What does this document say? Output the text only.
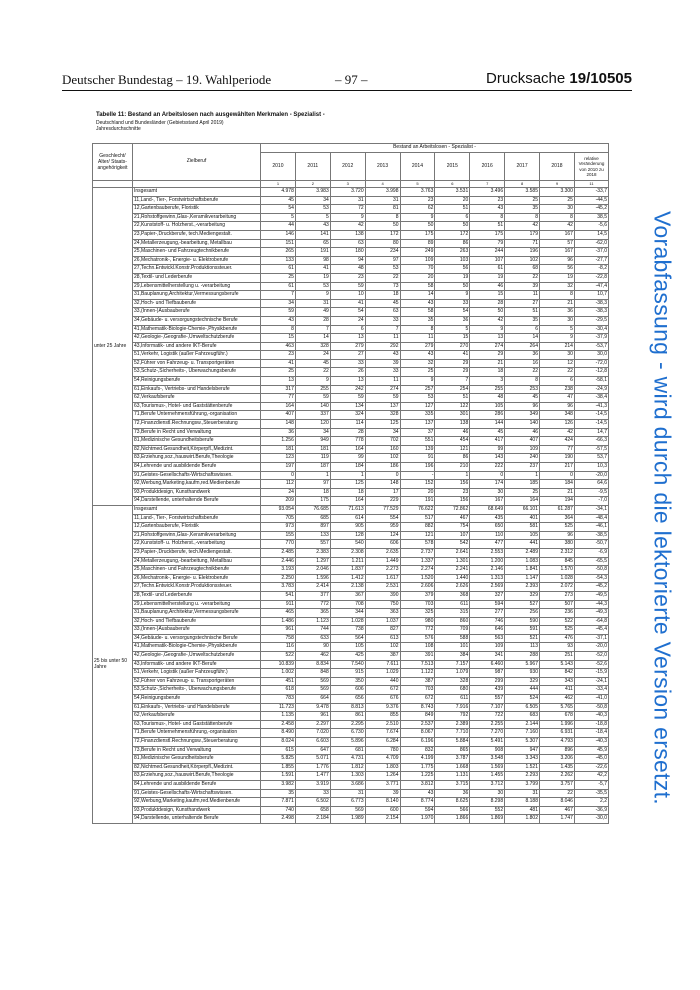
Deutscher Bundestag – 19. Wahlperiode	– 97 –	Drucksache 19/10505
Tabelle 11: Bestand an Arbeitslosen nach ausgewählten Merkmalen - Spezialist -
Deutschland und Bundesländer (Gebietsstand April 2019)
Jahresdurchschnitte
Geschlecht/ Alter/ Staats- angehörigkeit	Zielberuf	Bestand an Arbeitslosen - Spezialist -									
		2010	2011	2012	2013	2014	2015	2016	2017	2018	relative Veränderung von 2010 zu 2018
		1	2	3	4	5	6	7	8	9	11
unter 25 Jahre	Insgesamt	4.978	3.983	3.720	3.998	3.763	3.531	3.496	3.585	3.300	-33,7
	11,Land-, Tier-, Forstwirtschaftsberufe	45	34	31	31	23	20	23	25	25	-44,5
	12,Gartenbauberufe, Floristik	54	53	72	81	62	51	43	35	30	-45,2
	21,Rohstoffgewinn,Glas-,Keramikverarbeitung	5	5	9	8	9	6	8	8	8	38,5
	22,Kunststoff- u. Holzherst.,-verarbeitung	44	43	42	50	50	50	51	42	42	-5,6
	23,Papier-,Druckberufe, tech.Mediengestalt.	146	141	138	172	175	172	175	179	167	14,5
	24,Metallerzeugung,-bearbeitung, Metallbau	151	65	63	80	89	86	79	71	57	-62,0
	25,Maschinen- und Fahrzeugtechnikberufe	265	191	180	234	249	263	244	196	167	-37,0
	26,Mechatronik-, Energie- u. Elektroberufe	133	98	94	97	109	103	107	102	96	-27,7
	27,Techn.Entwickl.Konstr.Produktionssteuer.	61	41	48	53	70	56	61	68	56	-8,2
	28,Textil- und Lederberufe	25	19	23	22	20	19	19	22	19	-22,8
	29,Lebensmittelherstellung u. -verarbeitung	61	53	59	73	58	50	46	39	32	-47,4
	31,Bauplanung,Architektur,Vermessungsberufe	7	9	10	18	14	9	15	11	8	10,7
	32,Hoch- und Tiefbauberufe	34	31	41	45	43	33	28	27	21	-38,3
	33,(Innen-)Ausbauberufe	59	49	54	63	58	54	50	51	36	-38,3
	34,Gebäude- u. versorgungstechnische Berufe	43	28	24	33	35	36	42	35	30	-29,5
	41,Mathematik-Biologie-Chemie-,Physikberufe	8	7	6	7	8	5	9	6	5	-30,4
	42,Geologie-,Geografie-,Umweltschutzberufe	15	14	13	11	11	15	13	14	9	-37,9
	43,Informatik- und andere IKT-Berufe	463	328	279	292	279	270	274	264	214	-53,7
	51,Verkehr, Logistik (außer Fahrzeugführ.)	23	24	27	43	43	41	29	36	30	30,0
	52,Führer von Fahrzeug- u. Transportgeräten	41	45	33	39	32	29	21	16	12	-72,0
	53,Schutz-,Sicherheits-, Überwachungsberufe	25	22	26	33	25	29	18	22	22	-12,8
	54,Reinigungsberufe	13	9	13	11	9	7	3	8	6	-58,1
	61,Einkaufs-, Vertriebs- und Handelsberufe	317	255	242	274	257	254	255	253	238	-24,9
	62,Verkaufsberufe	77	59	59	59	53	51	48	45	47	-38,4
	63,Tourismus-, Hotel- und Gaststättenberufe	164	140	134	137	127	122	105	96	96	-41,3
	71,Berufe Unternehmensführung,-organisation	407	337	324	328	335	301	286	349	348	-14,5
	72,Finanzdienstl.Rechnungsw.,Steuerberatung	148	120	114	125	137	138	144	140	126	-14,5
	73,Berufe in Recht und Verwaltung	36	34	28	34	37	46	45	46	42	14,7
	81,Medizinische Gesundheitsberufe	1.256	949	778	702	551	454	417	407	424	-66,3
	82,Nichtmed.Gesundheit,Körperpfl.,Medizint.	181	181	164	160	139	121	99	109	77	-57,5
	83,Erziehung,soz.,hauswirt.Berufe,Theologie	123	119	99	102	91	86	143	240	190	53,7
	84,Lehrende und ausbildende Berufe	197	187	184	186	196	210	222	237	217	10,3
	91,Geistes-Gesellschafts-Wirtschaftswissen.	0	1	1	0	-	1	0	1	0	-20,0
	92,Werbung,Marketing,kaufm,red.Medienberufe	112	97	125	148	152	156	174	185	184	64,6
	93,Produktdesign, Kunsthandwerk	24	18	18	17	20	23	30	25	21	-9,5
	94,Darstellende, unterhaltende Berufe	209	175	164	229	191	156	167	164	194	-7,0
25 bis unter 50 Jahre	Insgesamt	93.054	76.685	71.613	77.529	76.622	72.862	68.649	66.101	61.287	-34,1
	11,Land-, Tier-, Forstwirtschaftsberufe	705	685	614	554	517	467	435	401	364	-48,4
	12,Gartenbauberufe, Floristik	973	897	905	959	882	754	650	581	525	-46,1
	21,Rohstoffgewinn,Glas-,Keramikverarbeitung	155	133	128	124	121	107	110	105	96	-38,5
	22,Kunststoff- u. Holzherst.,-verarbeitung	770	557	540	606	578	542	477	441	380	-50,7
	23,Papier-,Druckberufe, tech.Mediengestalt.	2.485	2.383	2.308	2.635	2.737	2.641	2.553	2.489	2.312	-6,9
	24,Metallerzeugung,-bearbeitung, Metallbau	2.446	1.297	1.211	1.449	1.337	1.301	1.200	1.083	845	-65,5
	25,Maschinen- und Fahrzeugtechnikberufe	3.193	2.046	1.837	2.273	2.274	2.241	2.146	1.841	1.570	-50,8
	26,Mechatronik-, Energie- u. Elektroberufe	2.250	1.596	1.412	1.617	1.520	1.440	1.313	1.147	1.028	-54,3
	27,Techn.Entwickl.Konstr.Produktionssteuer.	3.783	2.414	2.138	2.531	2.606	2.626	2.569	2.393	2.072	-45,2
	28,Textil- und Lederberufe	541	377	367	390	379	368	327	329	273	-49,5
	29,Lebensmittelherstellung u. -verarbeitung	911	772	708	750	703	611	594	527	507	-44,3
	31,Bauplanung,Architektur,Vermessungsberufe	465	365	344	363	325	315	277	256	236	-49,3
	32,Hoch- und Tiefbauberufe	1.486	1.123	1.028	1.037	980	860	746	590	522	-64,8
	33,(Innen-)Ausbauberufe	961	744	738	827	772	709	646	591	525	-45,4
	34,Gebäude- u. versorgungstechnische Berufe	758	633	564	613	576	588	563	521	476	-37,1
	41,Mathematik-Biologie-Chemie-,Physikberufe	116	90	105	102	108	101	109	113	93	-20,0
	42,Geologie-,Geografie-,Umweltschutzberufe	522	462	425	387	391	384	341	288	251	-52,0
	43,Informatik- und andere IKT-Berufe	10.839	8.834	7.540	7.611	7.513	7.157	6.460	5.967	5.143	-52,6
	51,Verkehr, Logistik (außer Fahrzeugführ.)	1.002	848	915	1.029	1.122	1.079	987	930	842	-15,9
	52,Führer von Fahrzeug- u. Transportgeräten	451	569	350	440	387	328	299	329	343	-24,1
	53,Schutz-,Sicherheits-, Überwachungsberufe	618	569	606	672	703	680	439	444	411	-33,4
	54,Reinigungsberufe	783	664	656	676	672	611	557	524	462	-41,0
	61,Einkaufs-, Vertriebs- und Handelsberufe	11.723	9.478	8.813	9.376	8.743	7.916	7.107	6.505	5.765	-50,8
	62,Verkaufsberufe	1.135	961	861	855	849	792	722	683	678	-40,3
	63,Tourismus-, Hotel- und Gaststättenberufe	2.458	2.297	2.295	2.510	2.537	2.389	2.255	2.144	1.996	-18,8
	71,Berufe Unternehmensführung,-organisation	8.490	7.020	6.730	7.674	8.067	7.710	7.270	7.160	6.931	-18,4
	72,Finanzdienstl.Rechnungsw.,Steuerberatung	8.024	6.603	5.896	6.284	6.196	5.884	5.491	5.307	4.793	-40,3
	73,Berufe in Recht und Verwaltung	615	647	681	780	832	865	908	947	896	45,9
	81,Medizinische Gesundheitsberufe	5.825	5.071	4.731	4.709	4.199	3.787	3.548	3.343	3.206	-45,0
	82,Nichtmed.Gesundheit,Körperpfl.,Medizint.	1.855	1.776	1.812	1.803	1.775	1.668	1.569	1.521	1.435	-22,6
	83,Erziehung,soz.,hauswirt.Berufe,Theologie	1.591	1.477	1.303	1.264	1.225	1.131	1.455	2.293	2.262	42,2
	84,Lehrende und ausbildende Berufe	3.982	3.919	3.686	3.771	3.812	3.715	3.712	3.799	3.757	-5,7
	91,Geistes-Gesellschafts-Wirtschaftswissen.	35	33	31	39	43	36	30	31	22	-35,5
	92,Werbung,Marketing,kaufm,red.Medienberufe	7.871	6.502	6.773	8.140	8.774	8.625	8.298	8.188	8.046	2,2
	93,Produktdesign, Kunsthandwerk	740	658	569	600	594	566	552	481	467	-36,9
	94,Darstellende, unterhaltende Berufe	2.498	2.184	1.989	2.154	1.970	1.866	1.869	1.802	1.747	-30,0
Vorabfassung - wird durch die lektorierte Version ersetzt.
